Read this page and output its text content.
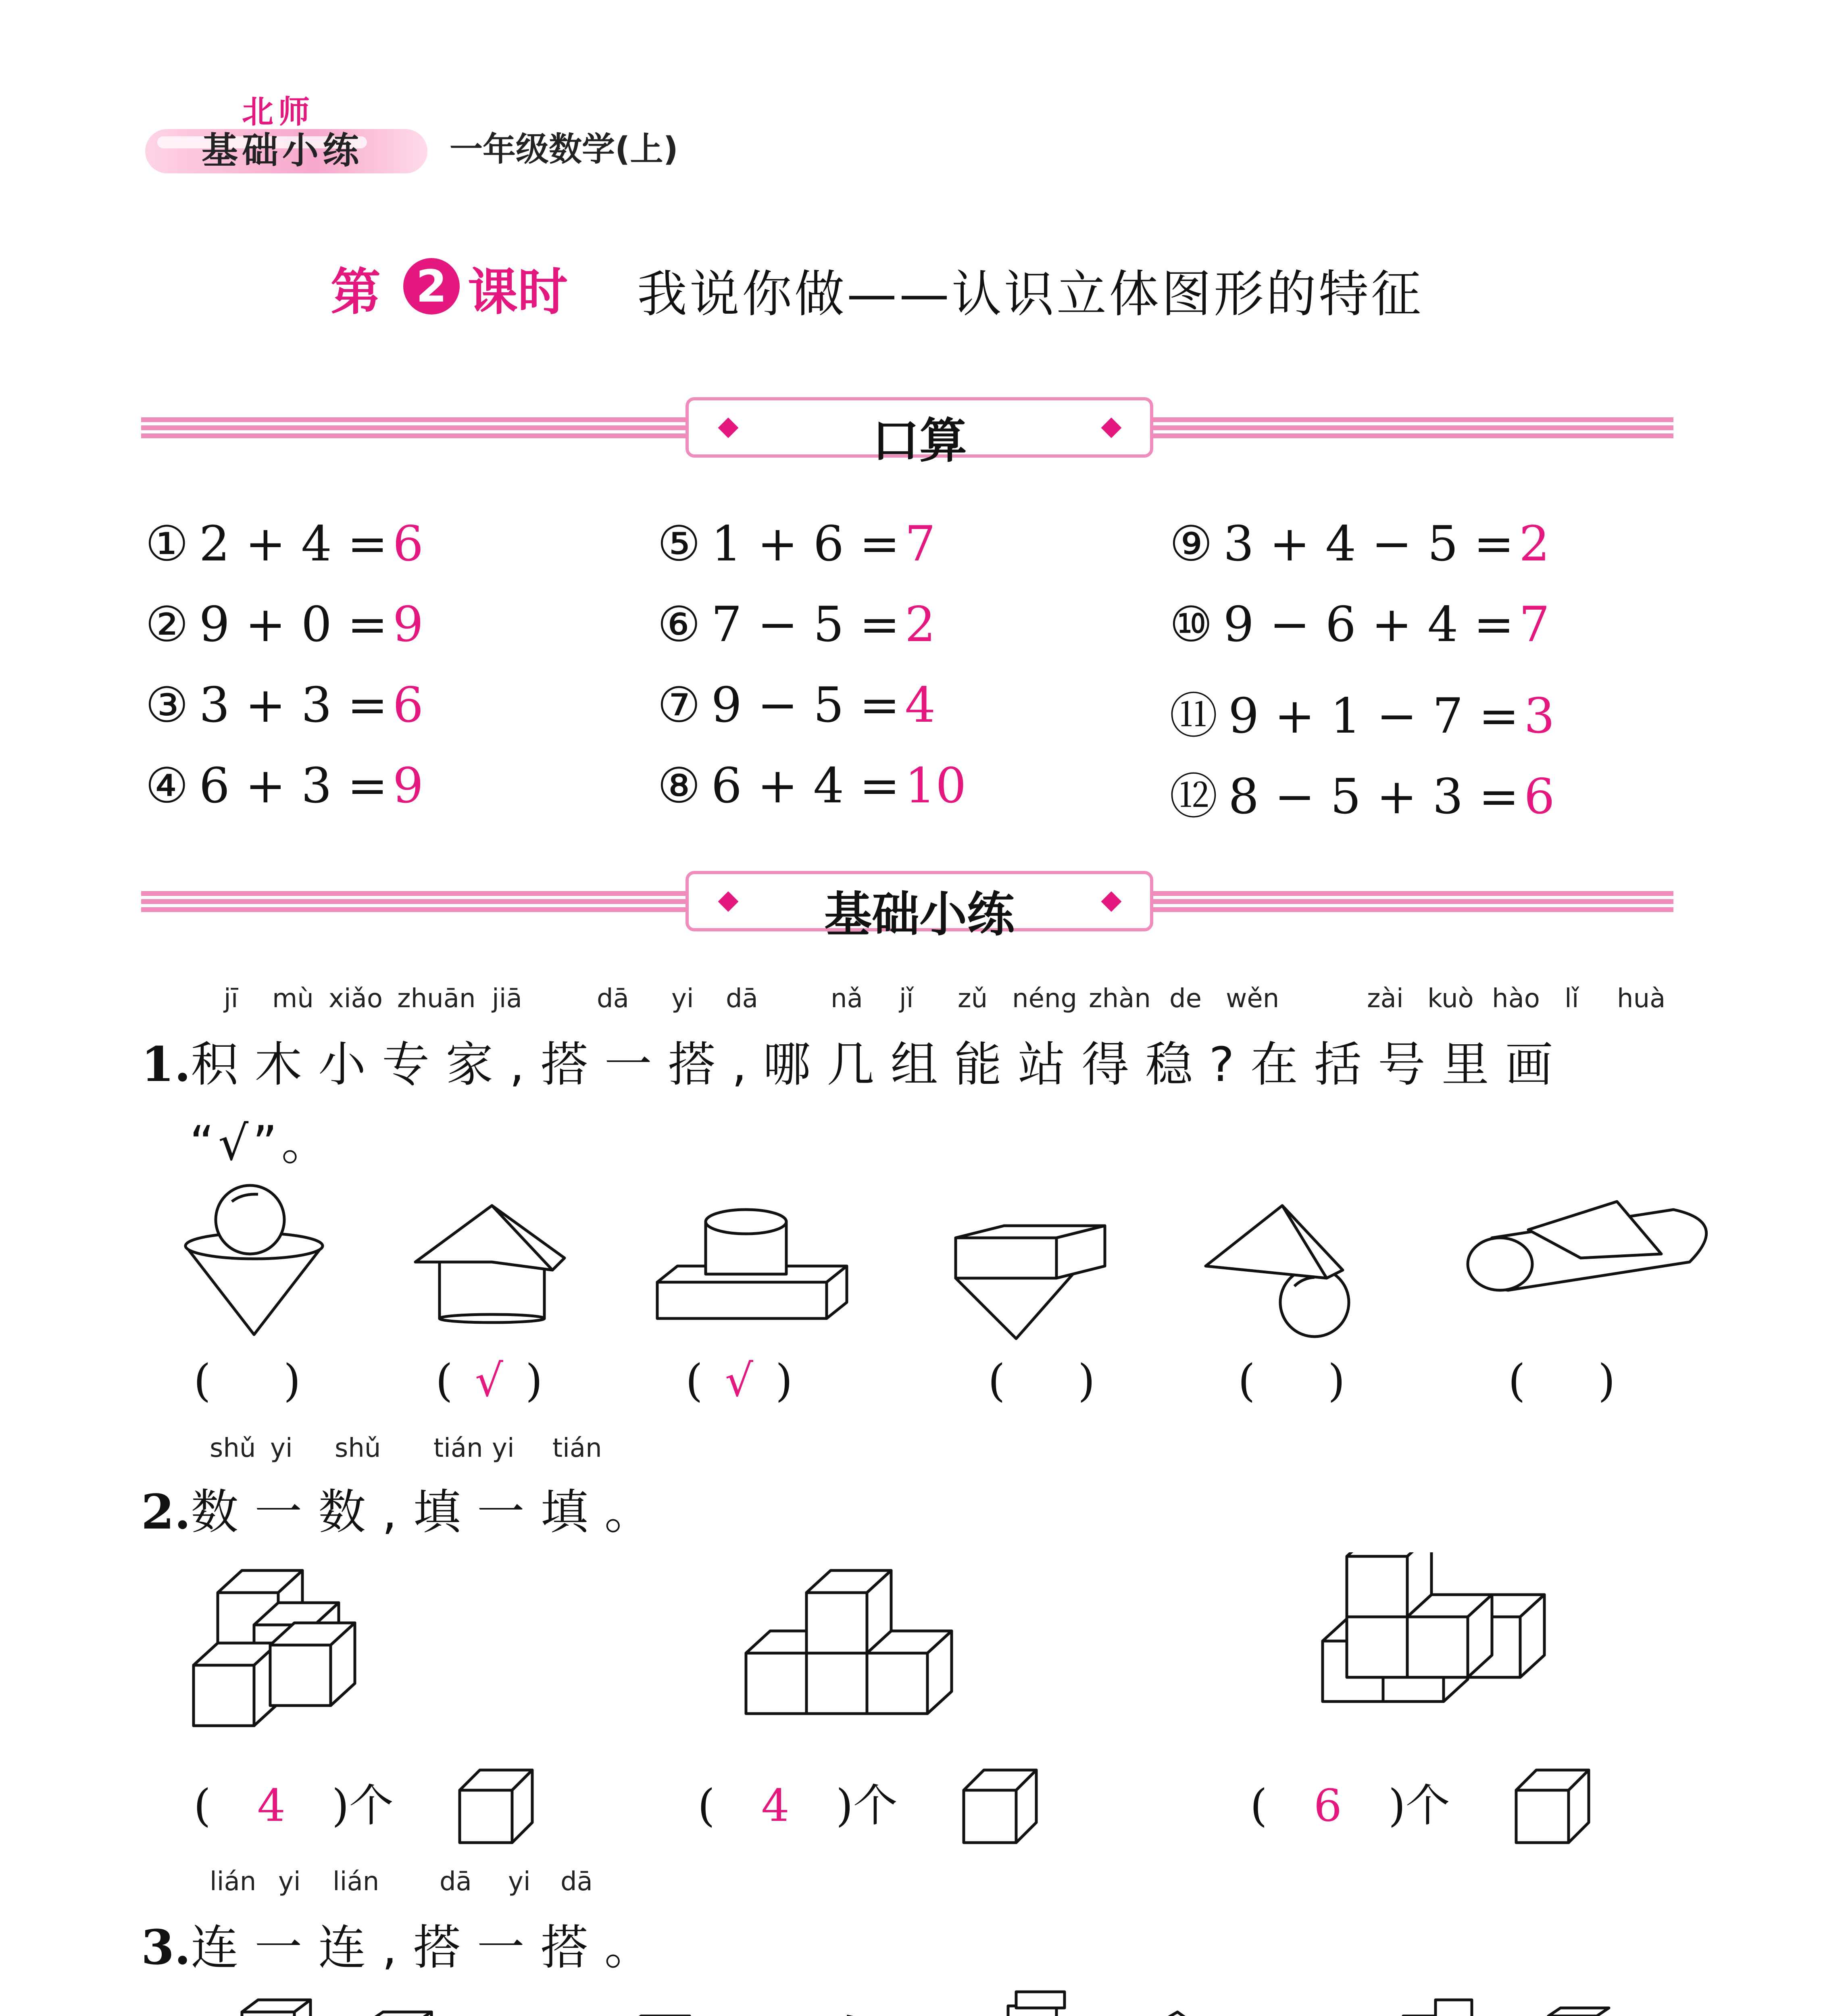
北师
基础小练	一年级数学(上)
第 2 课时 我说你做——认识立体图形的特征
口算
① 2 + 4 = 6
② 9 + 0 = 9
③ 3 + 3 = 6
④ 6 + 3 = 9
⑤ 1 + 6 = 7
⑥ 7 − 5 = 2
⑦ 9 − 5 = 4
⑧ 6 + 4 = 10
⑨ 3 + 4 − 5 = 2
⑩ 9 − 6 + 4 = 7
⑪ 9 + 1 − 7 = 3
⑫ 8 − 5 + 3 = 6
基础小练
jī mù xiǎo zhuān jiā	dā yi dā	nǎ jǐ zǔ néng zhàn de wěn	zài kuò hào lǐ huà
1.积木小专家,搭一搭,哪几组能站得稳?在括号里画
“√”。
( )	( √ )	( √ )	( )	( )	( )
shǔ yi shǔ tián yi tián
2.数一数,填一填。
( 4 )个	( 4 )个	( 6 )个
lián yi lián dā yi dā
3.连一连,搭一搭。
